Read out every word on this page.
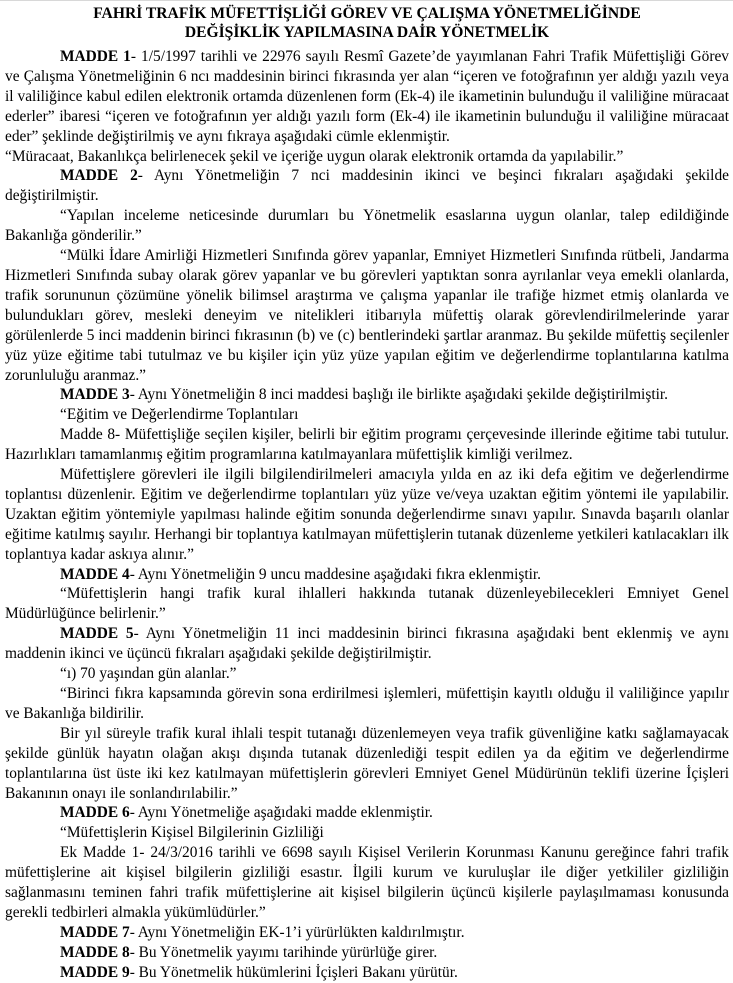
FAHRİ TRAFİK MÜFETTİŞLİĞİ GÖREV VE ÇALIŞMA YÖNETMELİĞİNDE
DEĞİŞİKLİK YAPILMASINA DAİR YÖNETMELİK

MADDE 1- 1/5/1997 tarihli ve 22976 sayılı Resmî Gazete’de yayımlanan Fahri Trafik Müfettişliği Görev ve Çalışma Yönetmeliğinin 6 ncı maddesinin birinci fıkrasında yer alan “içeren ve fotoğrafının yer aldığı yazılı veya il valiliğince kabul edilen elektronik ortamda düzenlenen form (Ek-4) ile ikametinin bulunduğu il valiliğine müracaat ederler” ibaresi “içeren ve fotoğrafının yer aldığı yazılı form (Ek-4) ile ikametinin bulunduğu il valiliğine müracaat eder” şeklinde değiştirilmiş ve aynı fıkraya aşağıdaki cümle eklenmiştir.

“Müracaat, Bakanlıkça belirlenecek şekil ve içeriğe uygun olarak elektronik ortamda da yapılabilir.”

MADDE 2- Aynı Yönetmeliğin 7 nci maddesinin ikinci ve beşinci fıkraları aşağıdaki şekilde değiştirilmiştir.

“Yapılan inceleme neticesinde durumları bu Yönetmelik esaslarına uygun olanlar, talep edildiğinde Bakanlığa gönderilir.”

“Mülki İdare Amirliği Hizmetleri Sınıfında görev yapanlar, Emniyet Hizmetleri Sınıfında rütbeli, Jandarma Hizmetleri Sınıfında subay olarak görev yapanlar ve bu görevleri yaptıktan sonra ayrılanlar veya emekli olanlarda, trafik sorununun çözümüne yönelik bilimsel araştırma ve çalışma yapanlar ile trafiğe hizmet etmiş olanlarda ve bulundukları görev, mesleki deneyim ve nitelikleri itibarıyla müfettiş olarak görevlendirilmelerinde yarar görülenlerde 5 inci maddenin birinci fıkrasının (b) ve (c) bentlerindeki şartlar aranmaz. Bu şekilde müfettiş seçilenler yüz yüze eğitime tabi tutulmaz ve bu kişiler için yüz yüze yapılan eğitim ve değerlendirme toplantılarına katılma zorunluluğu aranmaz.”

MADDE 3- Aynı Yönetmeliğin 8 inci maddesi başlığı ile birlikte aşağıdaki şekilde değiştirilmiştir.

“Eğitim ve Değerlendirme Toplantıları

Madde 8- Müfettişliğe seçilen kişiler, belirli bir eğitim programı çerçevesinde illerinde eğitime tabi tutulur. Hazırlıkları tamamlanmış eğitim programlarına katılmayanlara müfettişlik kimliği verilmez.

Müfettişlere görevleri ile ilgili bilgilendirilmeleri amacıyla yılda en az iki defa eğitim ve değerlendirme toplantısı düzenlenir. Eğitim ve değerlendirme toplantıları yüz yüze ve/veya uzaktan eğitim yöntemi ile yapılabilir. Uzaktan eğitim yöntemiyle yapılması halinde eğitim sonunda değerlendirme sınavı yapılır. Sınavda başarılı olanlar eğitime katılmış sayılır. Herhangi bir toplantıya katılmayan müfettişlerin tutanak düzenleme yetkileri katılacakları ilk toplantıya kadar askıya alınır.”

MADDE 4- Aynı Yönetmeliğin 9 uncu maddesine aşağıdaki fıkra eklenmiştir.

“Müfettişlerin hangi trafik kural ihlalleri hakkında tutanak düzenleyebilecekleri Emniyet Genel Müdürlüğünce belirlenir.”

MADDE 5- Aynı Yönetmeliğin 11 inci maddesinin birinci fıkrasına aşağıdaki bent eklenmiş ve aynı maddenin ikinci ve üçüncü fıkraları aşağıdaki şekilde değiştirilmiştir.

“ı) 70 yaşından gün alanlar.”

“Birinci fıkra kapsamında görevin sona erdirilmesi işlemleri, müfettişin kayıtlı olduğu il valiliğince yapılır ve Bakanlığa bildirilir.

Bir yıl süreyle trafik kural ihlali tespit tutanağı düzenlemeyen veya trafik güvenliğine katkı sağlamayacak şekilde günlük hayatın olağan akışı dışında tutanak düzenlediği tespit edilen ya da eğitim ve değerlendirme toplantılarına üst üste iki kez katılmayan müfettişlerin görevleri Emniyet Genel Müdürünün teklifi üzerine İçişleri Bakanının onayı ile sonlandırılabilir.”

MADDE 6- Aynı Yönetmeliğe aşağıdaki madde eklenmiştir.

“Müfettişlerin Kişisel Bilgilerinin Gizliliği

Ek Madde 1- 24/3/2016 tarihli ve 6698 sayılı Kişisel Verilerin Korunması Kanunu gereğince fahri trafik müfettişlerine ait kişisel bilgilerin gizliliği esastır. İlgili kurum ve kuruluşlar ile diğer yetkililer gizliliğin sağlanmasını teminen fahri trafik müfettişlerine ait kişisel bilgilerin üçüncü kişilerle paylaşılmaması konusunda gerekli tedbirleri almakla yükümlüdürler.”

MADDE 7- Aynı Yönetmeliğin EK-1’i yürürlükten kaldırılmıştır.

MADDE 8- Bu Yönetmelik yayımı tarihinde yürürlüğe girer.

MADDE 9- Bu Yönetmelik hükümlerini İçişleri Bakanı yürütür.
